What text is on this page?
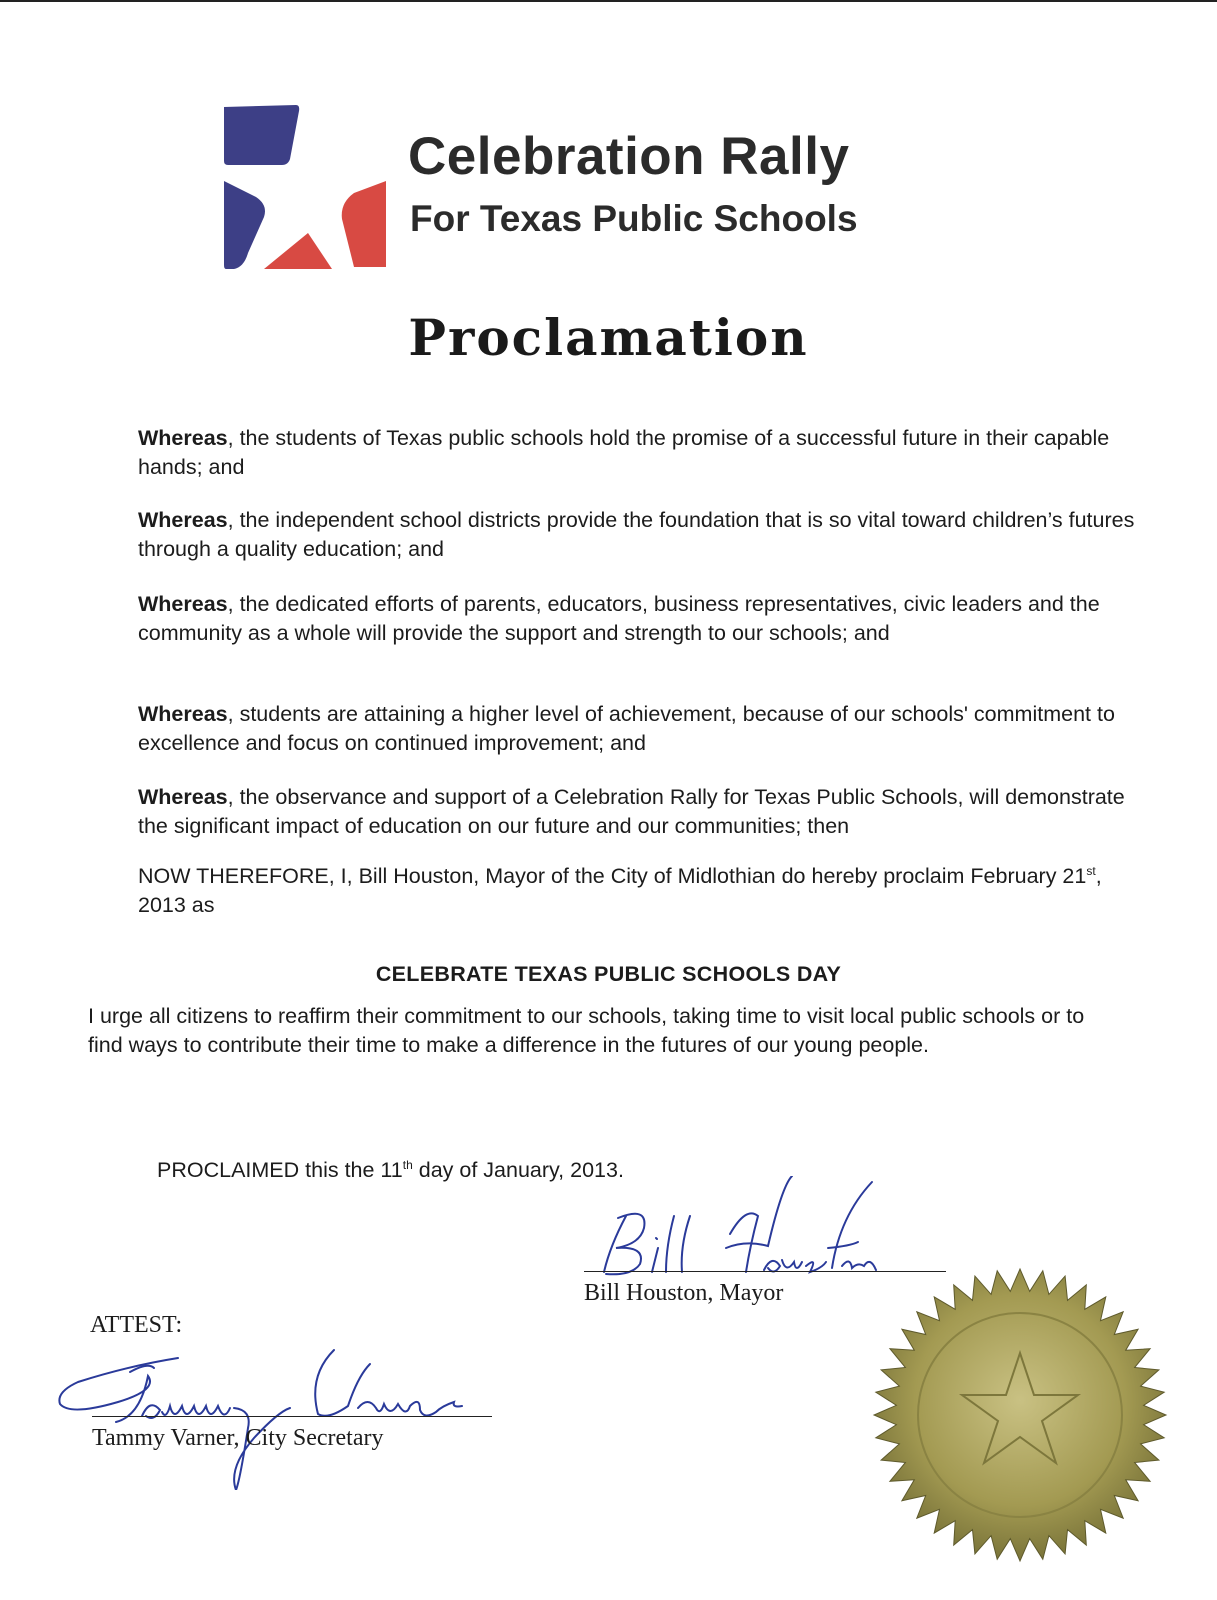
Celebration Rally
For Texas Public Schools
Proclamation

Whereas, the students of Texas public schools hold the promise of a successful future in their capable hands; and

Whereas, the independent school districts provide the foundation that is so vital toward children’s futures through a quality education; and

Whereas, the dedicated efforts of parents, educators, business representatives, civic leaders and the community as a whole will provide the support and strength to our schools; and

Whereas, students are attaining a higher level of achievement, because of our schools' commitment to excellence and focus on continued improvement; and

Whereas, the observance and support of a Celebration Rally for Texas Public Schools, will demonstrate the significant impact of education on our future and our communities; then

NOW THEREFORE, I, Bill Houston, Mayor of the City of Midlothian do hereby proclaim February 21st, 2013 as

CELEBRATE TEXAS PUBLIC SCHOOLS DAY

I urge all citizens to reaffirm their commitment to our schools, taking time to visit local public schools or to find ways to contribute their time to make a difference in the futures of our young people.

PROCLAIMED this the 11th day of January, 2013.

Bill Houston, Mayor

ATTEST:

Tammy Varner, City Secretary
